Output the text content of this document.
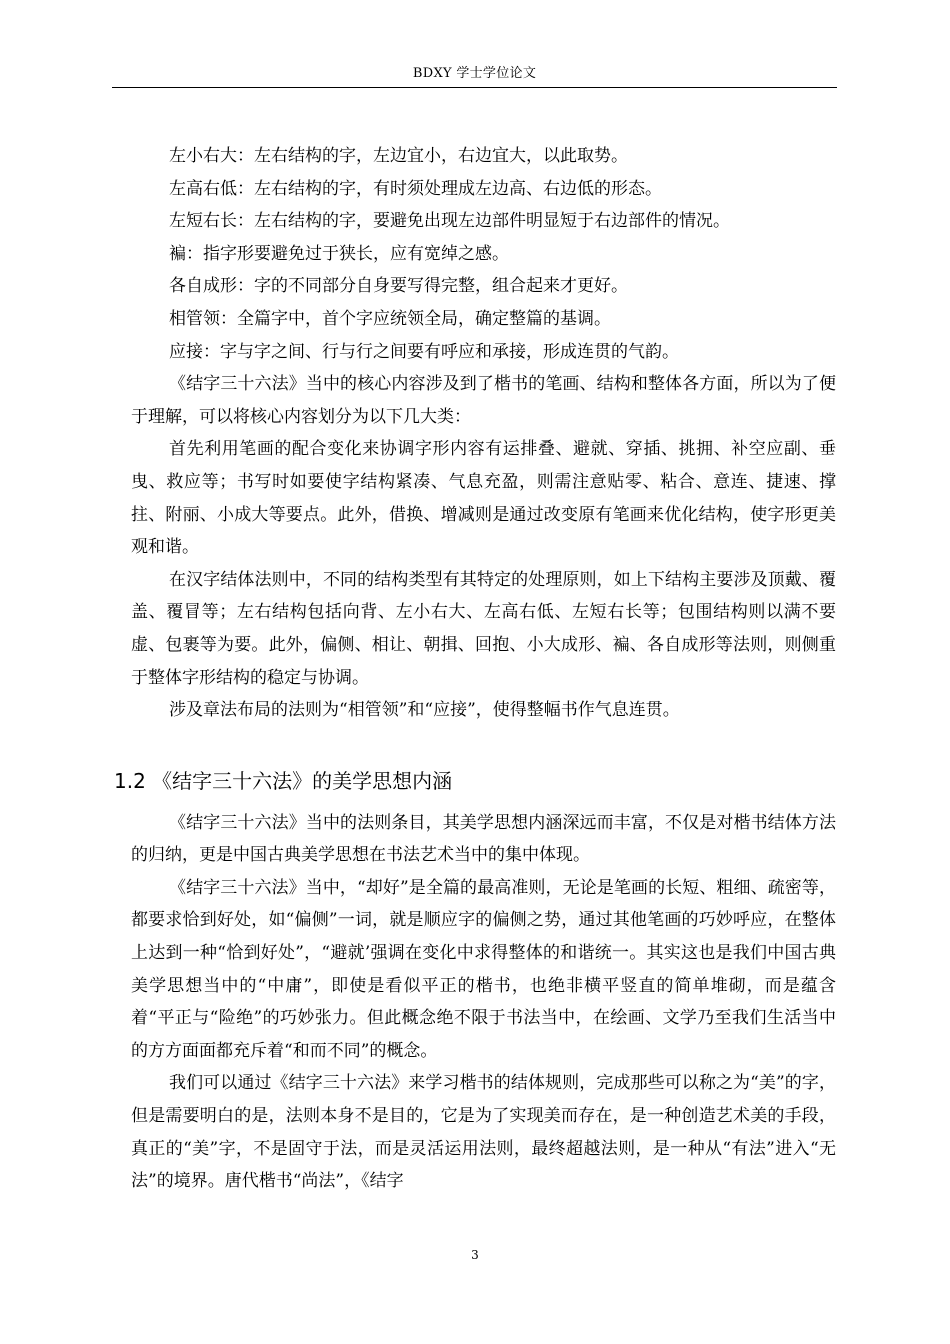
BDXY 学士学位论文

左小右大：左右结构的字，左边宜小，右边宜大，以此取势。

左高右低：左右结构的字，有时须处理成左边高、右边低的形态。

左短右长：左右结构的字，要避免出现左边部件明显短于右边部件的情况。

褊：指字形要避免过于狭长，应有宽绰之感。

各自成形：字的不同部分自身要写得完整，组合起来才更好。

相管领：全篇字中，首个字应统领全局，确定整篇的基调。

应接：字与字之间、行与行之间要有呼应和承接，形成连贯的气韵。

《结字三十六法》当中的核心内容涉及到了楷书的笔画、结构和整体各方面，所以为了便于理解，可以将核心内容划分为以下几大类：

首先利用笔画的配合变化来协调字形内容有运排叠、避就、穿插、挑拥、补空应副、垂曳、救应等；书写时如要使字结构紧凑、气息充盈，则需注意贴零、粘合、意连、捷速、撑拄、附丽、小成大等要点。此外，借换、增减则是通过改变原有笔画来优化结构，使字形更美观和谐。

在汉字结体法则中，不同的结构类型有其特定的处理原则，如上下结构主要涉及顶戴、覆盖、覆冒等；左右结构包括向背、左小右大、左高右低、左短右长等；包围结构则以满不要虚、包裹等为要。此外，偏侧、相让、朝揖、回抱、小大成形、褊、各自成形等法则，则侧重于整体字形结构的稳定与协调。

涉及章法布局的法则为“相管领”和“应接”，使得整幅书作气息连贯。

1.2 《结字三十六法》的美学思想内涵

《结字三十六法》当中的法则条目，其美学思想内涵深远而丰富，不仅是对楷书结体方法的归纳，更是中国古典美学思想在书法艺术当中的集中体现。

《结字三十六法》当中，“却好”是全篇的最高准则，无论是笔画的长短、粗细、疏密等，都要求恰到好处，如“偏侧”一词，就是顺应字的偏侧之势，通过其他笔画的巧妙呼应，在整体上达到一种“恰到好处”，“避就’强调在变化中求得整体的和谐统一。其实这也是我们中国古典美学思想当中的“中庸”，即使是看似平正的楷书，也绝非横平竖直的简单堆砌，而是蕴含着“平正与“险绝”的巧妙张力。但此概念绝不限于书法当中，在绘画、文学乃至我们生活当中的方方面面都充斥着“和而不同”的概念。

我们可以通过《结字三十六法》来学习楷书的结体规则，完成那些可以称之为“美”的字，但是需要明白的是，法则本身不是目的，它是为了实现美而存在，是一种创造艺术美的手段，真正的“美”字，不是固守于法，而是灵活运用法则，最终超越法则，是一种从“有法”进入“无法”的境界。唐代楷书“尚法”，《结字

3
